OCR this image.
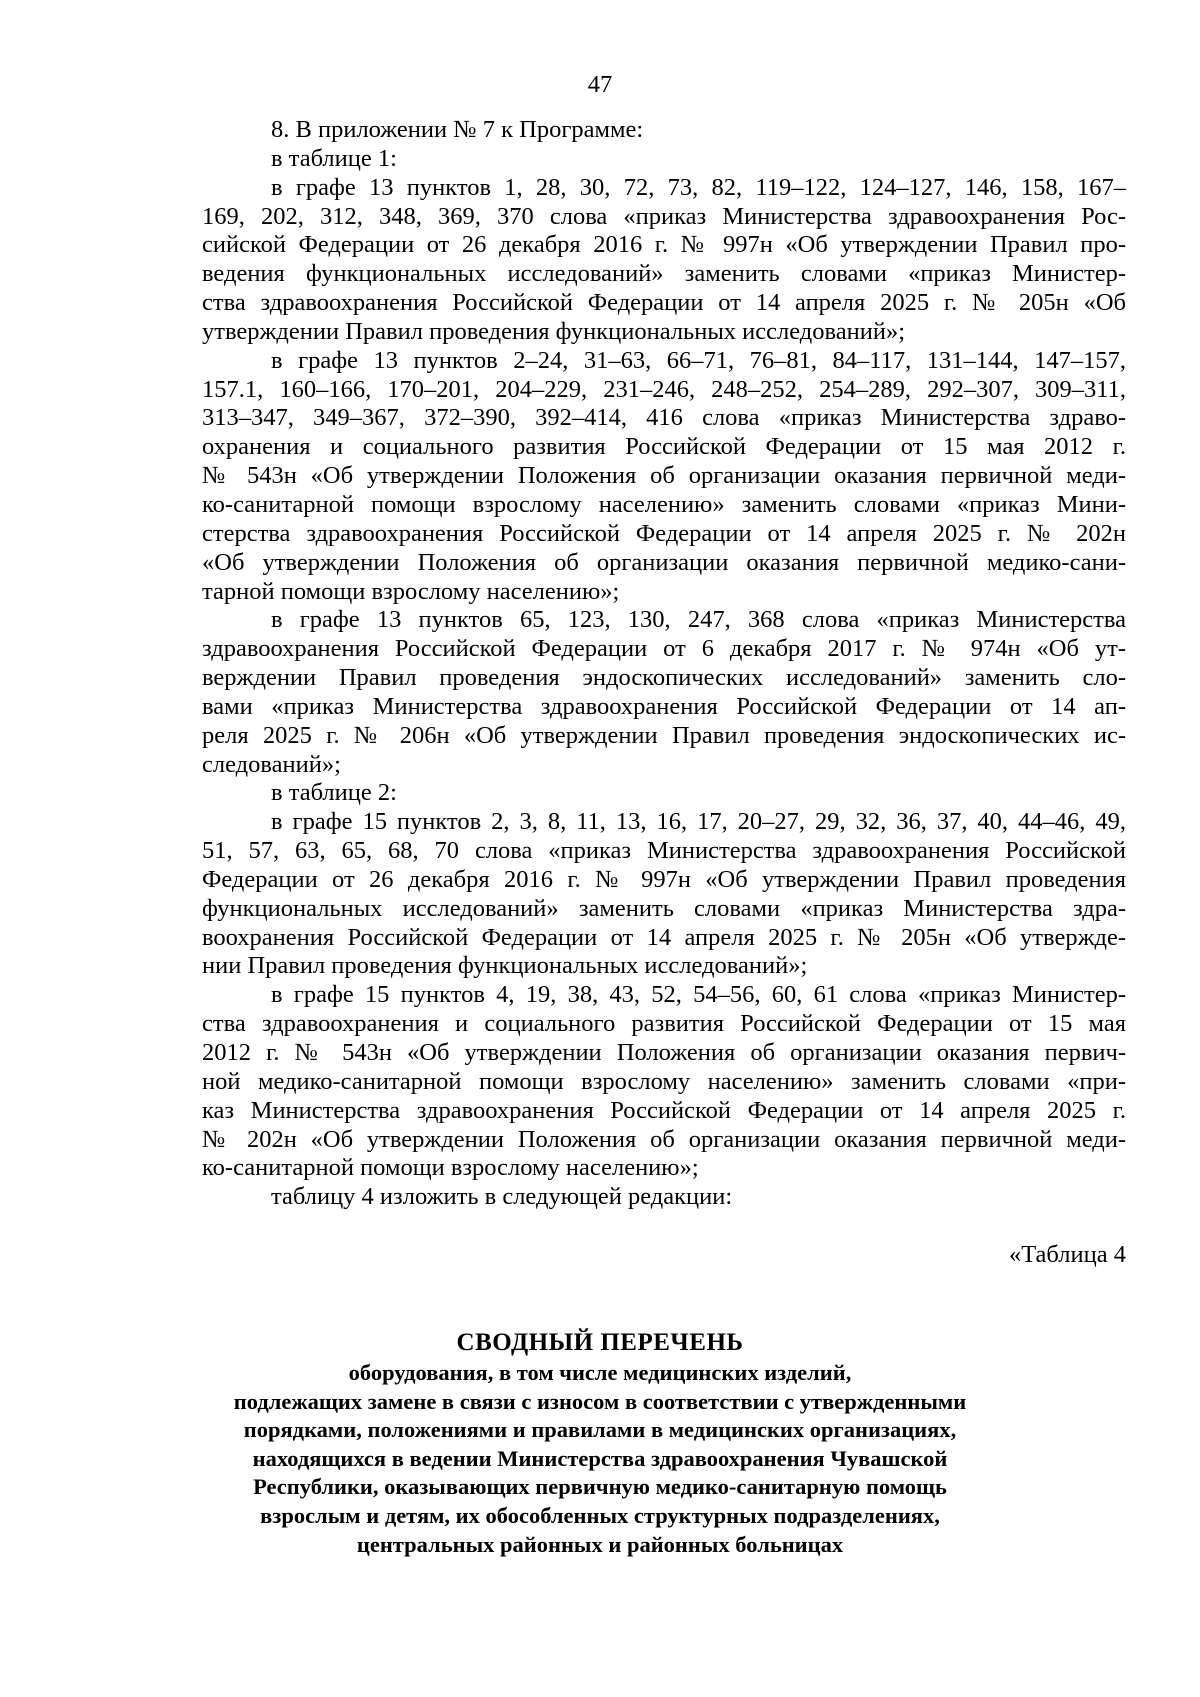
47
8. В приложении № 7 к Программе:
в таблице 1:
в графе 13 пунктов 1, 28, 30, 72, 73, 82, 119–122, 124–127, 146, 158, 167–
169, 202, 312, 348, 369, 370 слова «приказ Министерства здравоохранения Рос-
сийской Федерации от 26 декабря 2016 г. № 997н «Об утверждении Правил про-
ведения функциональных исследований» заменить словами «приказ Министер-
ства здравоохранения Российской Федерации от 14 апреля 2025 г. № 205н «Об
утверждении Правил проведения функциональных исследований»;
в графе 13 пунктов 2–24, 31–63, 66–71, 76–81, 84–117, 131–144, 147–157,
157.1, 160–166, 170–201, 204–229, 231–246, 248–252, 254–289, 292–307, 309–311,
313–347, 349–367, 372–390, 392–414, 416 слова «приказ Министерства здраво-
охранения и социального развития Российской Федерации от 15 мая 2012 г.
№ 543н «Об утверждении Положения об организации оказания первичной меди-
ко-санитарной помощи взрослому населению» заменить словами «приказ Мини-
стерства здравоохранения Российской Федерации от 14 апреля 2025 г. № 202н
«Об утверждении Положения об организации оказания первичной медико-сани-
тарной помощи взрослому населению»;
в графе 13 пунктов 65, 123, 130, 247, 368 слова «приказ Министерства
здравоохранения Российской Федерации от 6 декабря 2017 г. № 974н «Об ут-
верждении Правил проведения эндоскопических исследований» заменить сло-
вами «приказ Министерства здравоохранения Российской Федерации от 14 ап-
реля 2025 г. № 206н «Об утверждении Правил проведения эндоскопических ис-
следований»;
в таблице 2:
в графе 15 пунктов 2, 3, 8, 11, 13, 16, 17, 20–27, 29, 32, 36, 37, 40, 44–46, 49,
51, 57, 63, 65, 68, 70 слова «приказ Министерства здравоохранения Российской
Федерации от 26 декабря 2016 г. № 997н «Об утверждении Правил проведения
функциональных исследований» заменить словами «приказ Министерства здра-
воохранения Российской Федерации от 14 апреля 2025 г. № 205н «Об утвержде-
нии Правил проведения функциональных исследований»;
в графе 15 пунктов 4, 19, 38, 43, 52, 54–56, 60, 61 слова «приказ Министер-
ства здравоохранения и социального развития Российской Федерации от 15 мая
2012 г. № 543н «Об утверждении Положения об организации оказания первич-
ной медико-санитарной помощи взрослому населению» заменить словами «при-
каз Министерства здравоохранения Российской Федерации от 14 апреля 2025 г.
№ 202н «Об утверждении Положения об организации оказания первичной меди-
ко-санитарной помощи взрослому населению»;
таблицу 4 изложить в следующей редакции:
«Таблица 4
СВОДНЫЙ ПЕРЕЧЕНЬ
оборудования, в том числе медицинских изделий,
подлежащих замене в связи с износом в соответствии с утвержденными
порядками, положениями и правилами в медицинских организациях,
находящихся в ведении Министерства здравоохранения Чувашской
Республики, оказывающих первичную медико-санитарную помощь
взрослым и детям, их обособленных структурных подразделениях,
центральных районных и районных больницах
